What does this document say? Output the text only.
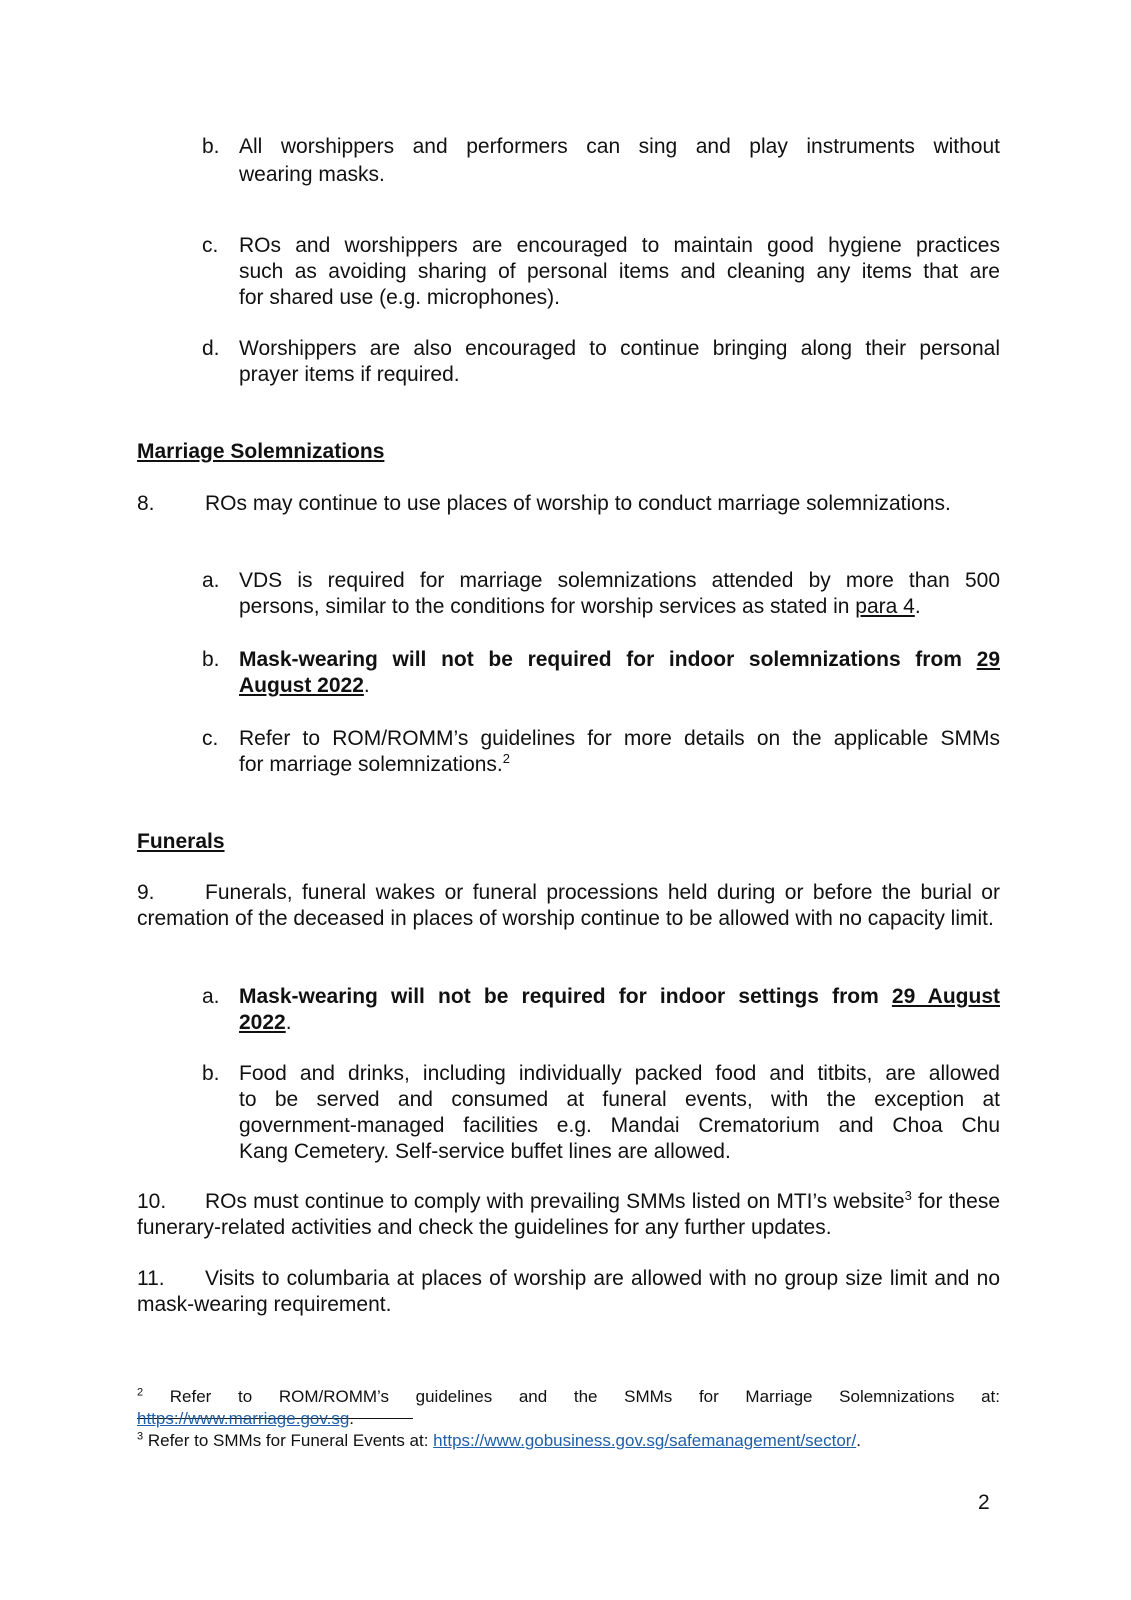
b. All worshippers and performers can sing and play instruments without
wearing masks.
c. ROs and worshippers are encouraged to maintain good hygiene practices
such as avoiding sharing of personal items and cleaning any items that are
for shared use (e.g. microphones).
d. Worshippers are also encouraged to continue bringing along their personal
prayer items if required.
Marriage Solemnizations
8. ROs may continue to use places of worship to conduct marriage solemnizations.
a. VDS is required for marriage solemnizations attended by more than 500
persons, similar to the conditions for worship services as stated in para 4.
b. Mask-wearing will not be required for indoor solemnizations from 29
August 2022.
c. Refer to ROM/ROMM’s guidelines for more details on the applicable SMMs
for marriage solemnizations.$^2$
Funerals
9. Funerals, funeral wakes or funeral processions held during or before the burial or cremation of the deceased in places of worship continue to be allowed with no capacity limit.
a. Mask-wearing will not be required for indoor settings from 29 August
2022.
b. Food and drinks, including individually packed food and titbits, are allowed
to be served and consumed at funeral events, with the exception at
government-managed facilities e.g. Mandai Crematorium and Choa Chu
Kang Cemetery. Self-service buffet lines are allowed.
10. ROs must continue to comply with prevailing SMMs listed on MTI’s website$^3$ for these funerary-related activities and check the guidelines for any further updates.
11. Visits to columbaria at places of worship are allowed with no group size limit and no mask-wearing requirement.
$^2$ Refer to ROM/ROMM’s guidelines and the SMMs for Marriage Solemnizations at:
https://www.marriage.gov.sg.
$^3$ Refer to SMMs for Funeral Events at: https://www.gobusiness.gov.sg/safemanagement/sector/.
2
